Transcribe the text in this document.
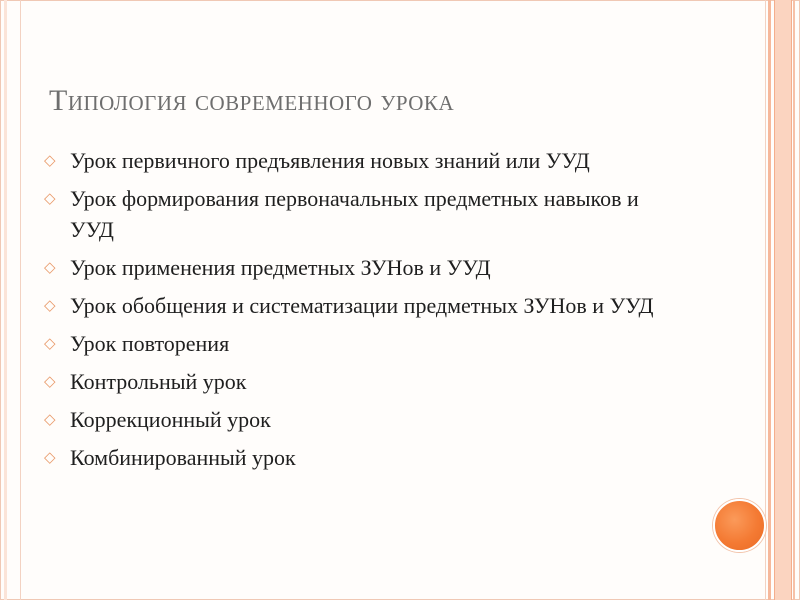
Типология современного урока
◇ Урок первичного предъявления новых знаний или УУД
◇ Урок формирования первоначальных предметных навыков и УУД
◇ Урок применения предметных ЗУНов и УУД
◇ Урок обобщения и систематизации предметных ЗУНов и УУД
◇ Урок повторения
◇ Контрольный урок
◇ Коррекционный урок
◇ Комбинированный урок
